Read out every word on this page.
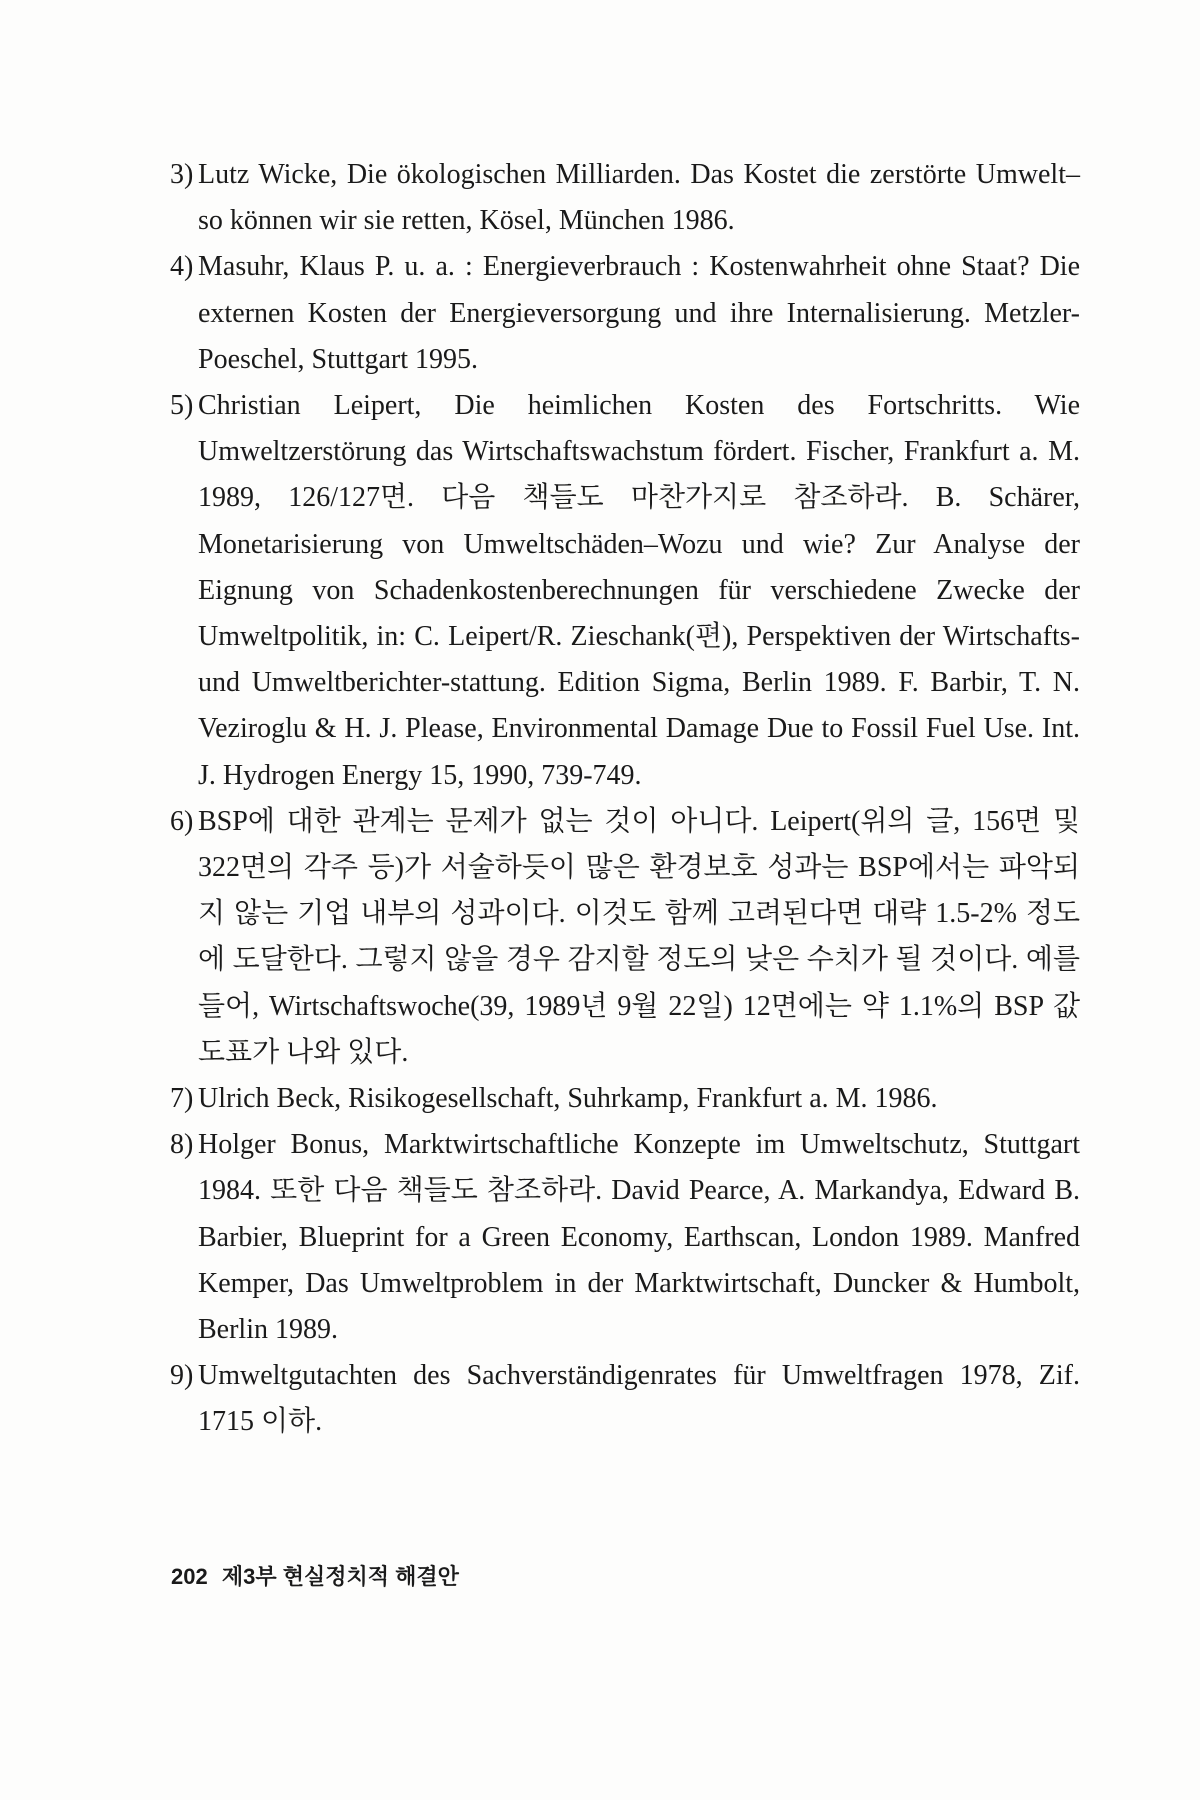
3) Lutz Wicke, Die ökologischen Milliarden. Das Kostet die zerstörte Umwelt–so können wir sie retten, Kösel, München 1986.
4) Masuhr, Klaus P. u. a. : Energieverbrauch : Kostenwahrheit ohne Staat? Die externen Kosten der Energieversorgung und ihre Internalisierung. Metzler-Poeschel, Stuttgart 1995.
5) Christian Leipert, Die heimlichen Kosten des Fortschritts. Wie Umweltzerstörung das Wirtschaftswachstum fördert. Fischer, Frankfurt a. M. 1989, 126/127면. 다음 책들도 마찬가지로 참조하라. B. Schärer, Monetarisierung von Umweltschäden–Wozu und wie? Zur Analyse der Eignung von Schadenkostenberechnungen für verschiedene Zwecke der Umweltpolitik, in: C. Leipert/R. Zieschank(편), Perspektiven der Wirtschafts- und Umweltberichter-stattung. Edition Sigma, Berlin 1989. F. Barbir, T. N. Veziroglu & H. J. Please, Environmental Damage Due to Fossil Fuel Use. Int. J. Hydrogen Energy 15, 1990, 739-749.
6) BSP에 대한 관계는 문제가 없는 것이 아니다. Leipert(위의 글, 156면 및 322면의 각주 등)가 서술하듯이 많은 환경보호 성과는 BSP에서는 파악되지 않는 기업 내부의 성과이다. 이것도 함께 고려된다면 대략 1.5-2% 정도에 도달한다. 그렇지 않을 경우 감지할 정도의 낮은 수치가 될 것이다. 예를 들어, Wirtschaftswoche(39, 1989년 9월 22일) 12면에는 약 1.1%의 BSP 값 도표가 나와 있다.
7) Ulrich Beck, Risikogesellschaft, Suhrkamp, Frankfurt a. M. 1986.
8) Holger Bonus, Marktwirtschaftliche Konzepte im Umweltschutz, Stuttgart 1984. 또한 다음 책들도 참조하라. David Pearce, A. Markandya, Edward B. Barbier, Blueprint for a Green Economy, Earthscan, London 1989. Manfred Kemper, Das Umweltproblem in der Marktwirtschaft, Duncker & Humbolt, Berlin 1989.
9) Umweltgutachten des Sachverständigenrates für Umweltfragen 1978, Zif. 1715 이하.
202 제3부 현실정치적 해결안
